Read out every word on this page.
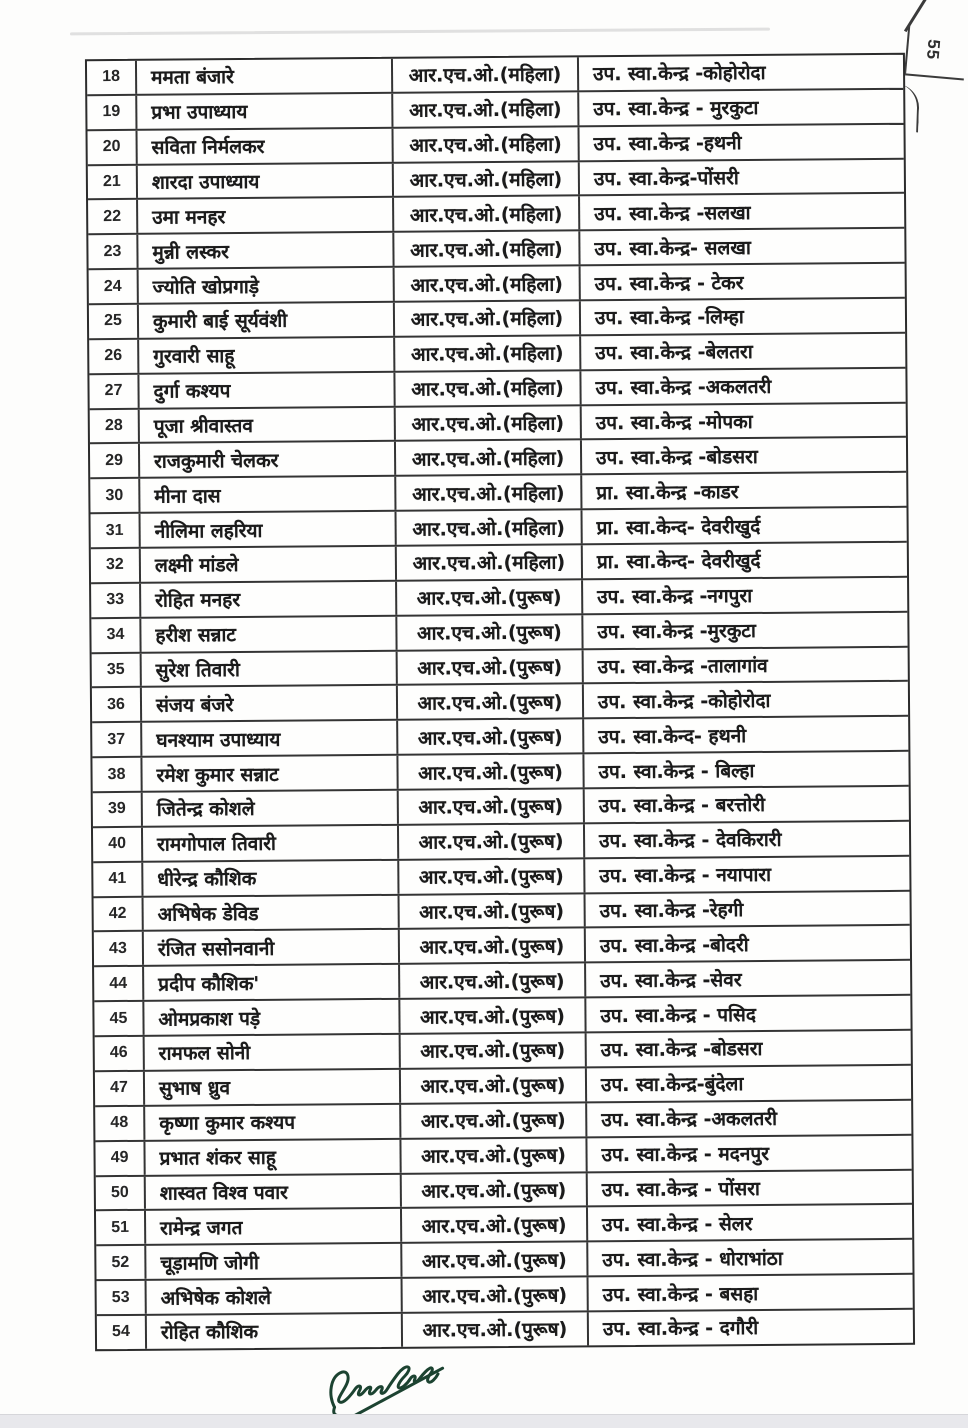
55
18	ममता बंजारे	आर.एच.ओ.(महिला)	उप. स्वा.केन्द्र -कोहोरोदा
19	प्रभा उपाध्याय	आर.एच.ओ.(महिला)	उप. स्वा.केन्द्र - मुरकुटा
20	सविता निर्मलकर	आर.एच.ओ.(महिला)	उप. स्वा.केन्द्र -हथनी
21	शारदा उपाध्याय	आर.एच.ओ.(महिला)	उप. स्वा.केन्द्र-पोंसरी
22	उमा मनहर	आर.एच.ओ.(महिला)	उप. स्वा.केन्द्र -सलखा
23	मुन्नी लस्कर	आर.एच.ओ.(महिला)	उप. स्वा.केन्द्र- सलखा
24	ज्योति खोप्रगाड़े	आर.एच.ओ.(महिला)	उप. स्वा.केन्द्र - टेकर
25	कुमारी बाई सूर्यवंशी	आर.एच.ओ.(महिला)	उप. स्वा.केन्द्र -लिम्हा
26	गुरवारी साहू	आर.एच.ओ.(महिला)	उप. स्वा.केन्द्र -बेलतरा
27	दुर्गा कश्यप	आर.एच.ओ.(महिला)	उप. स्वा.केन्द्र -अकलतरी
28	पूजा श्रीवास्तव	आर.एच.ओ.(महिला)	उप. स्वा.केन्द्र -मोपका
29	राजकुमारी चेलकर	आर.एच.ओ.(महिला)	उप. स्वा.केन्द्र -बोडसरा
30	मीना दास	आर.एच.ओ.(महिला)	प्रा. स्वा.केन्द्र -काडर
31	नीलिमा लहरिया	आर.एच.ओ.(महिला)	प्रा. स्वा.केन्द- देवरीखुर्द
32	लक्ष्मी मांडले	आर.एच.ओ.(महिला)	प्रा. स्वा.केन्द- देवरीखुर्द
33	रोहित मनहर	आर.एच.ओ.(पुरूष)	उप. स्वा.केन्द्र -नगपुरा
34	हरीश सन्नाट	आर.एच.ओ.(पुरूष)	उप. स्वा.केन्द्र -मुरकुटा
35	सुरेश तिवारी	आर.एच.ओ.(पुरूष)	उप. स्वा.केन्द्र -तालागांव
36	संजय बंजरे	आर.एच.ओ.(पुरूष)	उप. स्वा.केन्द्र -कोहोरोदा
37	घनश्याम उपाध्याय	आर.एच.ओ.(पुरूष)	उप. स्वा.केन्द- हथनी
38	रमेश कुमार सन्नाट	आर.एच.ओ.(पुरूष)	उप. स्वा.केन्द्र - बिल्हा
39	जितेन्द्र कोशले	आर.एच.ओ.(पुरूष)	उप. स्वा.केन्द्र - बरत्तोरी
40	रामगोपाल तिवारी	आर.एच.ओ.(पुरूष)	उप. स्वा.केन्द्र - देवकिरारी
41	धीरेन्द्र कौशिक	आर.एच.ओ.(पुरूष)	उप. स्वा.केन्द्र - नयापारा
42	अभिषेक डेविड	आर.एच.ओ.(पुरूष)	उप. स्वा.केन्द्र -रेहगी
43	रंजित ससोनवानी	आर.एच.ओ.(पुरूष)	उप. स्वा.केन्द्र -बोदरी
44	प्रदीप कौशिक'	आर.एच.ओ.(पुरूष)	उप. स्वा.केन्द्र -सेवर
45	ओमप्रकाश पड़े	आर.एच.ओ.(पुरूष)	उप. स्वा.केन्द्र - पसिद
46	रामफल सोनी	आर.एच.ओ.(पुरूष)	उप. स्वा.केन्द्र -बोडसरा
47	सुभाष ध्रुव	आर.एच.ओ.(पुरूष)	उप. स्वा.केन्द्र-बुंदेला
48	कृष्णा कुमार कश्यप	आर.एच.ओ.(पुरूष)	उप. स्वा.केन्द्र -अकलतरी
49	प्रभात शंकर साहू	आर.एच.ओ.(पुरूष)	उप. स्वा.केन्द्र - मदनपुर
50	शास्वत विश्व पवार	आर.एच.ओ.(पुरूष)	उप. स्वा.केन्द्र - पोंसरा
51	रामेन्द्र जगत	आर.एच.ओ.(पुरूष)	उप. स्वा.केन्द्र - सेलर
52	चूड़ामणि जोगी	आर.एच.ओ.(पुरूष)	उप. स्वा.केन्द्र - धोराभांठा
53	अभिषेक कोशले	आर.एच.ओ.(पुरूष)	उप. स्वा.केन्द्र - बसहा
54	रोहित कौशिक	आर.एच.ओ.(पुरूष)	उप. स्वा.केन्द्र - दगौरी
